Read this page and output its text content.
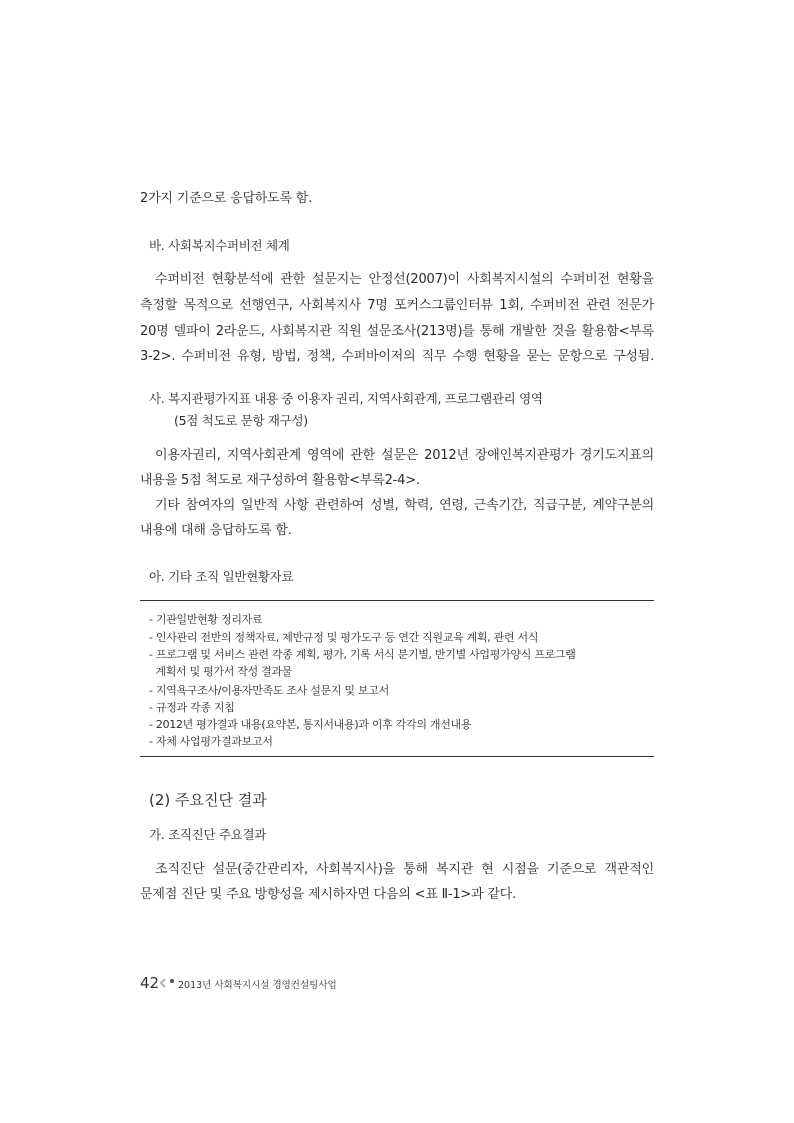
2가지 기준으로 응답하도록 함.
바. 사회복지수퍼비전 체계
수퍼비전 현황분석에 관한 설문지는 안정선(2007)이 사회복지시설의 수퍼비전 현황을
측정할 목적으로 선행연구, 사회복지사 7명 포커스그룹인터뷰 1회, 수퍼비전 관련 전문가
20명 델파이 2라운드, 사회복지관 직원 설문조사(213명)를 통해 개발한 것을 활용함<부록
3-2>. 수퍼비전 유형, 방법, 정책, 수퍼바이저의 직무 수행 현황을 묻는 문항으로 구성됨.
사. 복지관평가지표 내용 중 이용자 권리, 지역사회관계, 프로그램관리 영역
(5점 척도로 문항 재구성)
이용자권리, 지역사회관계 영역에 관한 설문은 2012년 장애인복지관평가 경기도지표의
내용을 5점 척도로 재구성하여 활용함<부록2-4>.
기타 참여자의 일반적 사항 관련하여 성별, 학력, 연령, 근속기간, 직급구분, 계약구분의
내용에 대해 응답하도록 함.
아. 기타 조직 일반현황자료
- 기관일반현황 정리자료
- 인사관리 전반의 정책자료, 제반규정 및 평가도구 등 연간 직원교육 계획, 관련 서식
- 프로그램 및 서비스 관련 각종 계획, 평가, 기록 서식 분기별, 반기별 사업평가양식 프로그램
계획서 및 평가서 작성 결과물
- 지역욕구조사/이용자만족도 조사 설문지 및 보고서
- 규정과 각종 지침
- 2012년 평가결과 내용(요약본, 통지서내용)과 이후 각각의 개선내용
- 자체 사업평가결과보고서
(2) 주요진단 결과
가. 조직진단 주요결과
조직진단 설문(중간관리자, 사회복지사)을 통해 복지관 현 시점을 기준으로 객관적인
문제점 진단 및 주요 방향성을 제시하자면 다음의 <표 Ⅱ-1>과 같다.
42 2013년 사회복지시설 경영컨설팅사업
